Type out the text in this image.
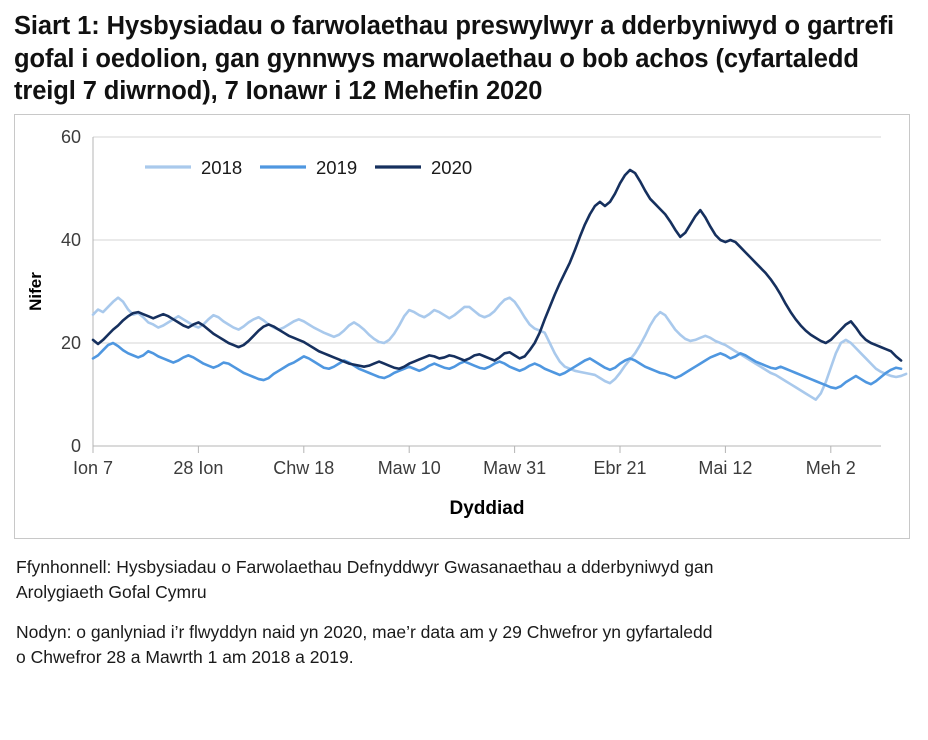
Siart 1: Hysbysiadau o farwolaethau preswylwyr a dderbyniwyd o gartrefi gofal i oedolion, gan gynnwys marwolaethau o bob achos (cyfartaledd treigl 7 diwrnod), 7 Ionawr i 12 Mehefin 2020
0
20
40
60
Ion 7	28 Ion	Chw 18 Maw 10 Maw 31	Ebr 21	Mai 12	Meh 2
Nifer
Dyddiad
2018	2019	2020
Ffynhonnell: Hysbysiadau o Farwolaethau Defnyddwyr Gwasanaethau a dderbyniwyd gan
Arolygiaeth Gofal Cymru
Nodyn: o ganlyniad i’r flwyddyn naid yn 2020, mae’r data am y 29 Chwefror yn gyfartaledd
o Chwefror 28 a Mawrth 1 am 2018 a 2019.
